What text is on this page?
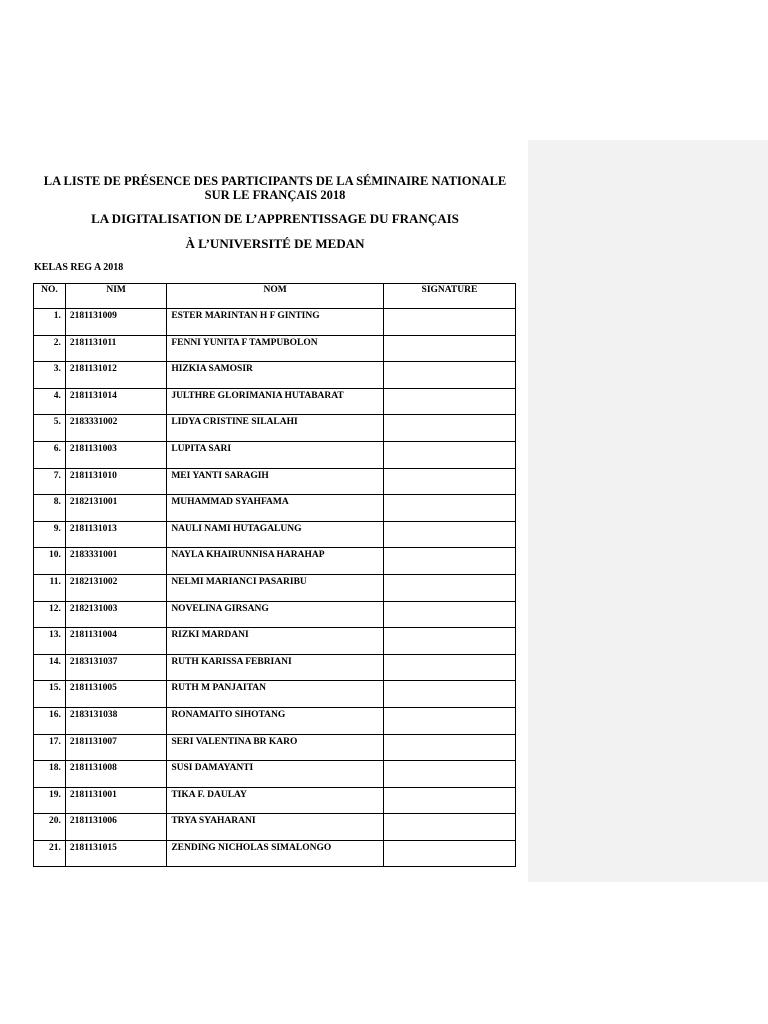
LA LISTE DE PRÉSENCE DES PARTICIPANTS DE LA SÉMINAIRE NATIONALE SUR LE FRANÇAIS 2018
LA DIGITALISATION DE L’APPRENTISSAGE DU FRANÇAIS
À L’UNIVERSITÉ DE MEDAN
KELAS REG A 2018
NO.	NIM	NOM	SIGNATURE
1.	2181131009	ESTER MARINTAN H F GINTING	
2.	2181131011	FENNI YUNITA F TAMPUBOLON	
3.	2181131012	HIZKIA SAMOSIR	
4.	2181131014	JULTHRE GLORIMANIA HUTABARAT	
5.	2183331002	LIDYA CRISTINE SILALAHI	
6.	2181131003	LUPITA SARI	
7.	2181131010	MEI YANTI SARAGIH	
8.	2182131001	MUHAMMAD SYAHFAMA	
9.	2181131013	NAULI NAMI HUTAGALUNG	
10.	2183331001	NAYLA KHAIRUNNISA HARAHAP	
11.	2182131002	NELMI MARIANCI PASARIBU	
12.	2182131003	NOVELINA GIRSANG	
13.	2181131004	RIZKI MARDANI	
14.	2183131037	RUTH KARISSA FEBRIANI	
15.	2181131005	RUTH M PANJAITAN	
16.	2183131038	RONAMAITO SIHOTANG	
17.	2181131007	SERI VALENTINA BR KARO	
18.	2181131008	SUSI DAMAYANTI	
19.	2181131001	TIKA F. DAULAY	
20.	2181131006	TRYA SYAHARANI	
21.	2181131015	ZENDING NICHOLAS SIMALONGO	
